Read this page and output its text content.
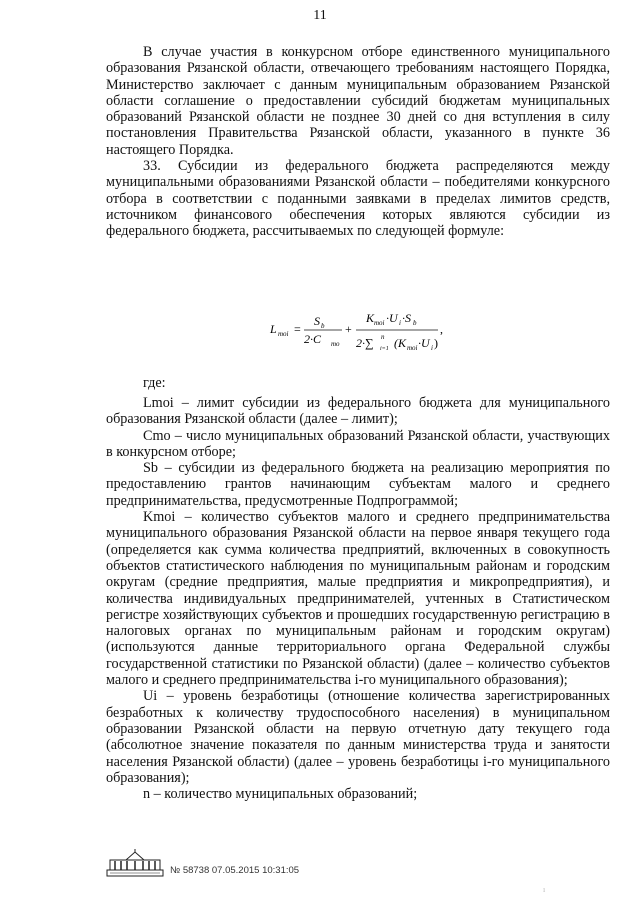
11

В случае участия в конкурсном отборе единственного муниципального образования Рязанской области, отвечающего требованиям настоящего Порядка, Министерство заключает с данным муниципальным образованием Рязанской области соглашение о предоставлении субсидий бюджетам муниципальных образований Рязанской области не позднее 30 дней со дня вступления в силу постановления Правительства Рязанской области, указанного в пункте 36 настоящего Порядка.

33. Субсидии из федерального бюджета распределяются между муниципальными образованиями Рязанской области – победителями конкурсного отбора в соответствии с поданными заявками в пределах лимитов средств, источником финансового обеспечения которых являются субсидии из федерального бюджета, рассчитываемых по следующей формуле:

L moi =
S b
2·C mo
+
K moi ·U i ·S b
2·∑ n
i=1 (K moi ·U i )
,
где:

Lmoi – лимит субсидии из федерального бюджета для муниципального образования Рязанской области (далее – лимит);

Cmo – число муниципальных образований Рязанской области, участвующих в конкурсном отборе;

Sb – субсидии из федерального бюджета на реализацию мероприятия по предоставлению грантов начинающим субъектам малого и среднего предпринимательства, предусмотренные Подпрограммой;

Kmoi – количество субъектов малого и среднего предпринимательства муниципального образования Рязанской области на первое января текущего года (определяется как сумма количества предприятий, включенных в совокупность объектов статистического наблюдения по муниципальным районам и городским округам (средние предприятия, малые предприятия и микропредприятия), и количества индивидуальных предпринимателей, учтенных в Статистическом регистре хозяйствующих субъектов и прошедших государственную регистрацию в налоговых органах по муниципальным районам и городским округам) (используются данные территориального органа Федеральной службы государственной статистики по Рязанской области) (далее – количество субъектов малого и среднего предпринимательства i-го муниципального образования);

Ui – уровень безработицы (отношение количества зарегистрированных безработных к количеству трудоспособного населения) в муниципальном образовании Рязанской области на первую отчетную дату текущего года (абсолютное значение показателя по данным министерства труда и занятости населения Рязанской области) (далее – уровень безработицы i-го муниципального образования);

n – количество муниципальных образований;

№ 58738 07.05.2015 10:31:05
ı
